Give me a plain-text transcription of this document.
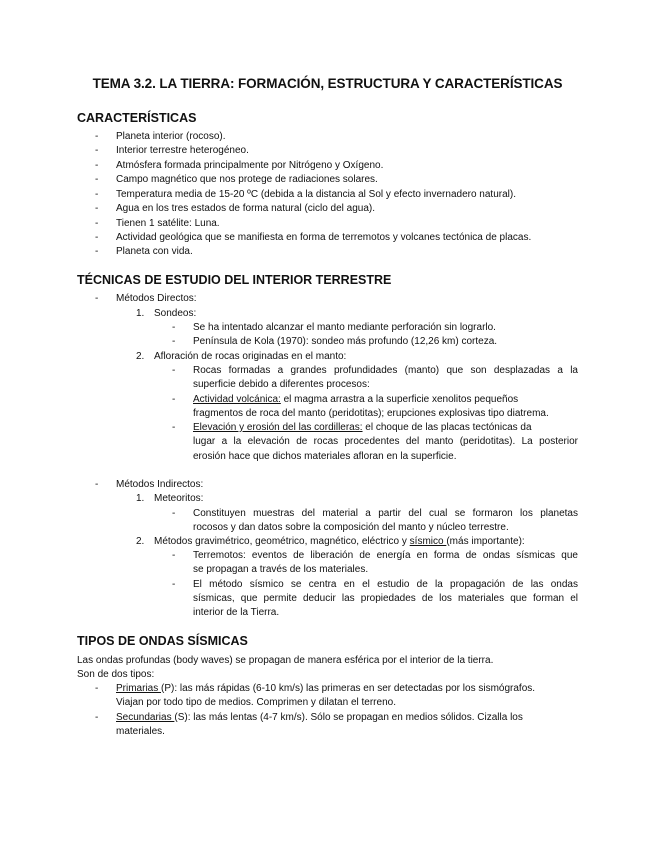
TEMA 3.2. LA TIERRA: FORMACIÓN, ESTRUCTURA Y CARACTERÍSTICAS
CARACTERÍSTICAS
- Planeta interior (rocoso).
- Interior terrestre heterogéneo.
- Atmósfera formada principalmente por Nitrógeno y Oxígeno.
- Campo magnético que nos protege de radiaciones solares.
- Temperatura media de 15-20 ºC (debida a la distancia al Sol y efecto invernadero natural).
- Agua en los tres estados de forma natural (ciclo del agua).
- Tienen 1 satélite: Luna.
- Actividad geológica que se manifiesta en forma de terremotos y volcanes tectónica de placas.
- Planeta con vida.
TÉCNICAS DE ESTUDIO DEL INTERIOR TERRESTRE
- Métodos Directos:
1. Sondeos:
- Se ha intentado alcanzar el manto mediante perforación sin lograrlo.
- Península de Kola (1970): sondeo más profundo (12,26 km) corteza.
2. Afloración de rocas originadas en el manto:
- Rocas formadas a grandes profundidades (manto) que son desplazadas a la
superficie debido a diferentes procesos:
- Actividad volcánica: el magma arrastra a la superficie xenolitos pequeños
fragmentos de roca del manto (peridotitas); erupciones explosivas tipo diatrema.
- Elevación y erosión del las cordilleras: el choque de las placas tectónicas da
lugar a la elevación de rocas procedentes del manto (peridotitas). La posterior
erosión hace que dichos materiales afloran en la superficie.
- Métodos Indirectos:
1. Meteoritos:
- Constituyen muestras del material a partir del cual se formaron los planetas
rocosos y dan datos sobre la composición del manto y núcleo terrestre.
2. Métodos gravimétrico, geométrico, magnético, eléctrico y sísmico (más importante):
- Terremotos: eventos de liberación de energía en forma de ondas sísmicas que
se propagan a través de los materiales.
- El método sísmico se centra en el estudio de la propagación de las ondas
sísmicas, que permite deducir las propiedades de los materiales que forman el
interior de la Tierra.
TIPOS DE ONDAS SÍSMICAS
Las ondas profundas (body waves) se propagan de manera esférica por el interior de la tierra.
Son de dos tipos:
- Primarias (P): las más rápidas (6-10 km/s) las primeras en ser detectadas por los sismógrafos.
Viajan por todo tipo de medios. Comprimen y dilatan el terreno.
- Secundarias (S): las más lentas (4-7 km/s). Sólo se propagan en medios sólidos. Cizalla los
materiales.
